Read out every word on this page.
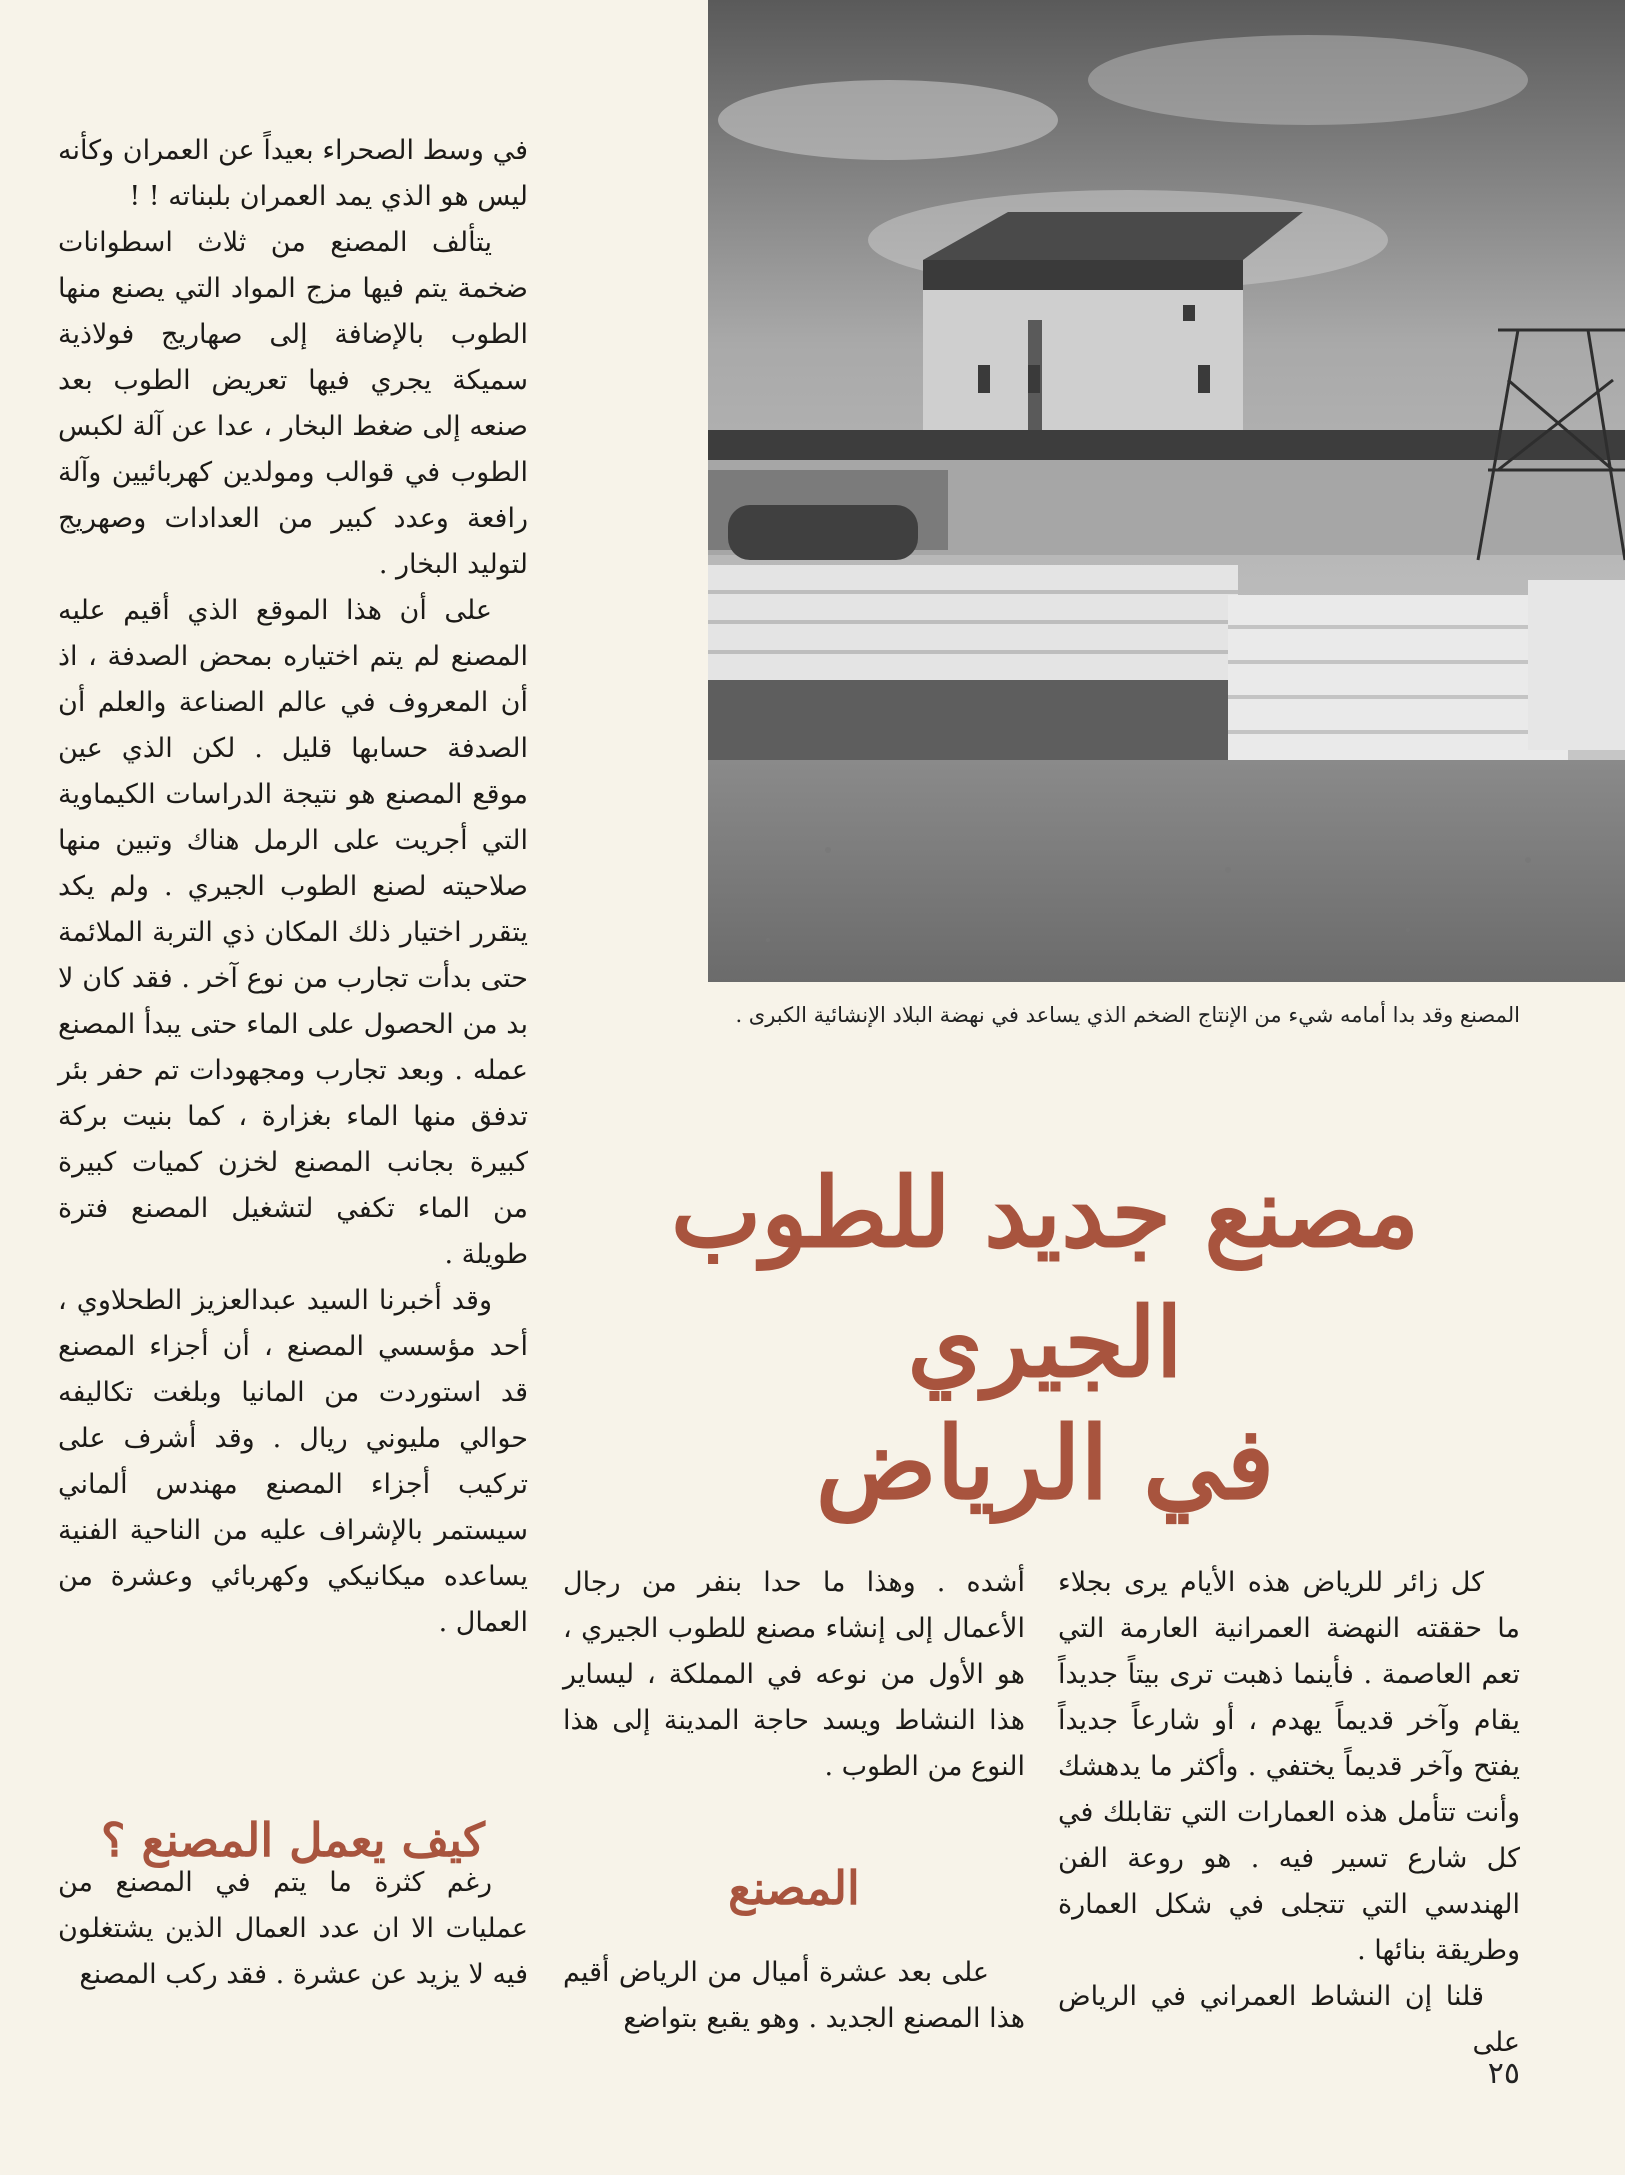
المصنع وقد بدا أمامه شيء من الإنتاج الضخم الذي يساعد في نهضة البلاد الإنشائية الكبرى .
مصنع جديد للطوب الجيري
في الرياض

كل زائر للرياض هذه الأيام يرى بجلاء ما حققته النهضة العمرانية العارمة التي تعم العاصمة . فأينما ذهبت ترى بيتاً جديداً يقام وآخر قديماً يهدم ، أو شارعاً جديداً يفتح وآخر قديماً يختفي . وأكثر ما يدهشك وأنت تتأمل هذه العمارات التي تقابلك في كل شارع تسير فيه . هو روعة الفن الهندسي التي تتجلى في شكل العمارة وطريقة بنائها .

قلنا إن النشاط العمراني في الرياض على

أشده . وهذا ما حدا بنفر من رجال الأعمال إلى إنشاء مصنع للطوب الجيري ، هو الأول من نوعه في المملكة ، ليساير هذا النشاط ويسد حاجة المدينة إلى هذا النوع من الطوب .

المصنع

على بعد عشرة أميال من الرياض أقيم هذا المصنع الجديد . وهو يقبع بتواضع

في وسط الصحراء بعيداً عن العمران وكأنه ليس هو الذي يمد العمران بلبناته ! !

يتألف المصنع من ثلاث اسطوانات ضخمة يتم فيها مزج المواد التي يصنع منها الطوب بالإضافة إلى صهاريج فولاذية سميكة يجري فيها تعريض الطوب بعد صنعه إلى ضغط البخار ، عدا عن آلة لكبس الطوب في قوالب ومولدين كهربائيين وآلة رافعة وعدد كبير من العدادات وصهريج لتوليد البخار .

على أن هذا الموقع الذي أقيم عليه المصنع لم يتم اختياره بمحض الصدفة ، اذ أن المعروف في عالم الصناعة والعلم أن الصدفة حسابها قليل . لكن الذي عين موقع المصنع هو نتيجة الدراسات الكيماوية التي أجريت على الرمل هناك وتبين منها صلاحيته لصنع الطوب الجيري . ولم يكد يتقرر اختيار ذلك المكان ذي التربة الملائمة حتى بدأت تجارب من نوع آخر . فقد كان لا بد من الحصول على الماء حتى يبدأ المصنع عمله . وبعد تجارب ومجهودات تم حفر بئر تدفق منها الماء بغزارة ، كما بنيت بركة كبيرة بجانب المصنع لخزن كميات كبيرة من الماء تكفي لتشغيل المصنع فترة طويلة .

وقد أخبرنا السيد عبدالعزيز الطحلاوي ، أحد مؤسسي المصنع ، أن أجزاء المصنع قد استوردت من المانيا وبلغت تكاليفه حوالي مليوني ريال . وقد أشرف على تركيب أجزاء المصنع مهندس ألماني سيستمر بالإشراف عليه من الناحية الفنية يساعده ميكانيكي وكهربائي وعشرة من العمال .

كيف يعمل المصنع ؟

رغم كثرة ما يتم في المصنع من عمليات الا ان عدد العمال الذين يشتغلون فيه لا يزيد عن عشرة . فقد ركب المصنع

٢٥
